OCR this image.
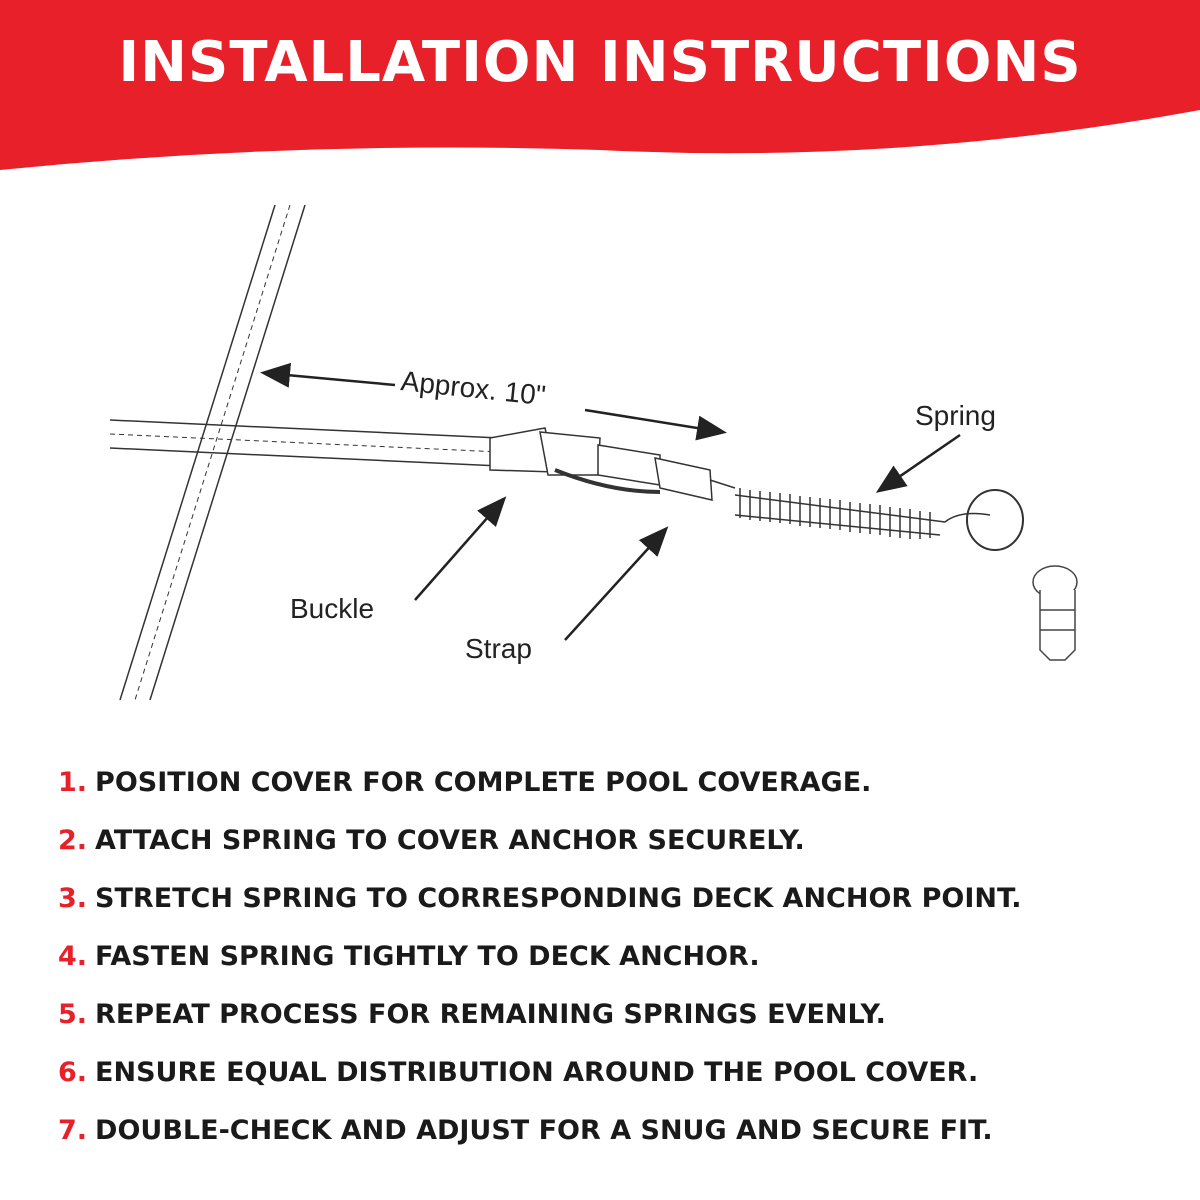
INSTALLATION INSTRUCTIONS
Approx. 10"
Spring
Buckle
Strap
1. POSITION COVER FOR COMPLETE POOL COVERAGE.
2. ATTACH SPRING TO COVER ANCHOR SECURELY.
3. STRETCH SPRING TO CORRESPONDING DECK ANCHOR POINT.
4. FASTEN SPRING TIGHTLY TO DECK ANCHOR.
5. REPEAT PROCESS FOR REMAINING SPRINGS EVENLY.
6. ENSURE EQUAL DISTRIBUTION AROUND THE POOL COVER.
7. DOUBLE-CHECK AND ADJUST FOR A SNUG AND SECURE FIT.
